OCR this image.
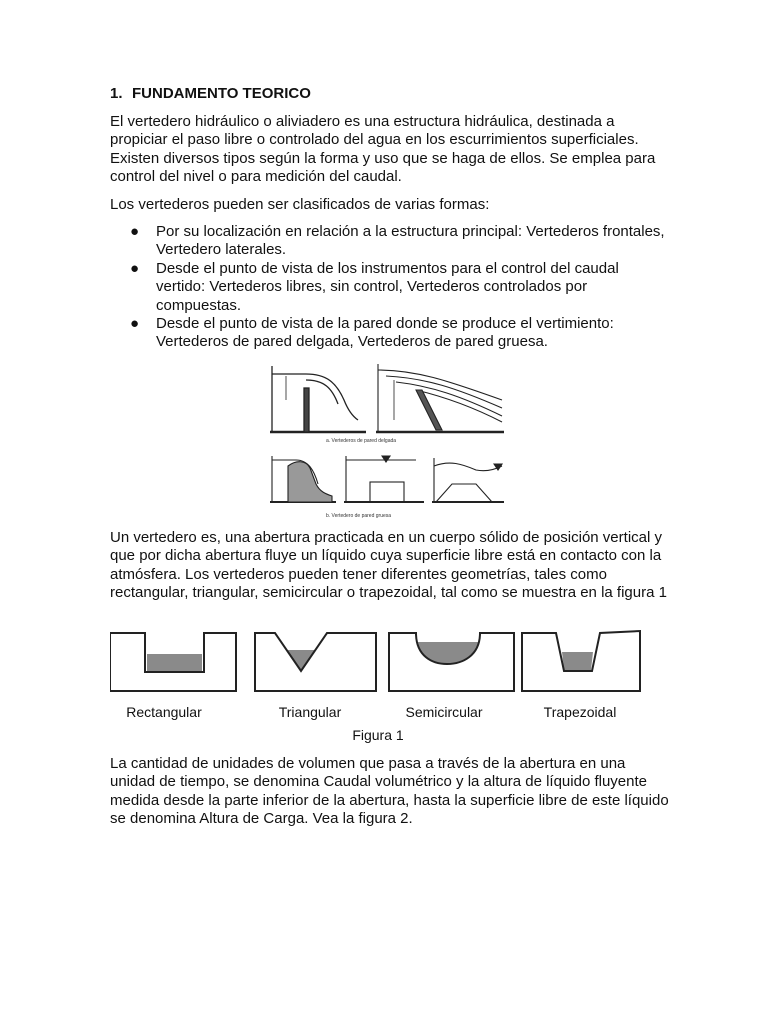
1. FUNDAMENTO TEORICO

El vertedero hidráulico o aliviadero es una estructura hidráulica, destinada a propiciar el paso libre o controlado del agua en los escurrimientos superficiales. Existen diversos tipos según la forma y uso que se haga de ellos. Se emplea para control del nivel o para medición del caudal.

Los vertederos pueden ser clasificados de varias formas:

● Por su localización en relación a la estructura principal: Vertederos frontales, Vertedero laterales.
● Desde el punto de vista de los instrumentos para el control del caudal vertido: Vertederos libres, sin control, Vertederos controlados por compuestas.
● Desde el punto de vista de la pared donde se produce el vertimiento: Vertederos de pared delgada, Vertederos de pared gruesa.
a. Vertederos de pared delgada
b. Vertedero de pared gruesa

Un vertedero es, una abertura practicada en un cuerpo sólido de posición vertical y que por dicha abertura fluye un líquido cuya superficie libre está en contacto con la atmósfera. Los vertederos pueden tener diferentes geometrías, tales como rectangular, triangular, semicircular o trapezoidal, tal como se muestra en la figura 1

Rectangular	Triangular	Semicircular	Trapezoidal
Figura 1

La cantidad de unidades de volumen que pasa a través de la abertura en una unidad de tiempo, se denomina Caudal volumétrico y la altura de líquido fluyente medida desde la parte inferior de la abertura, hasta la superficie libre de este líquido se denomina Altura de Carga. Vea la figura 2.
